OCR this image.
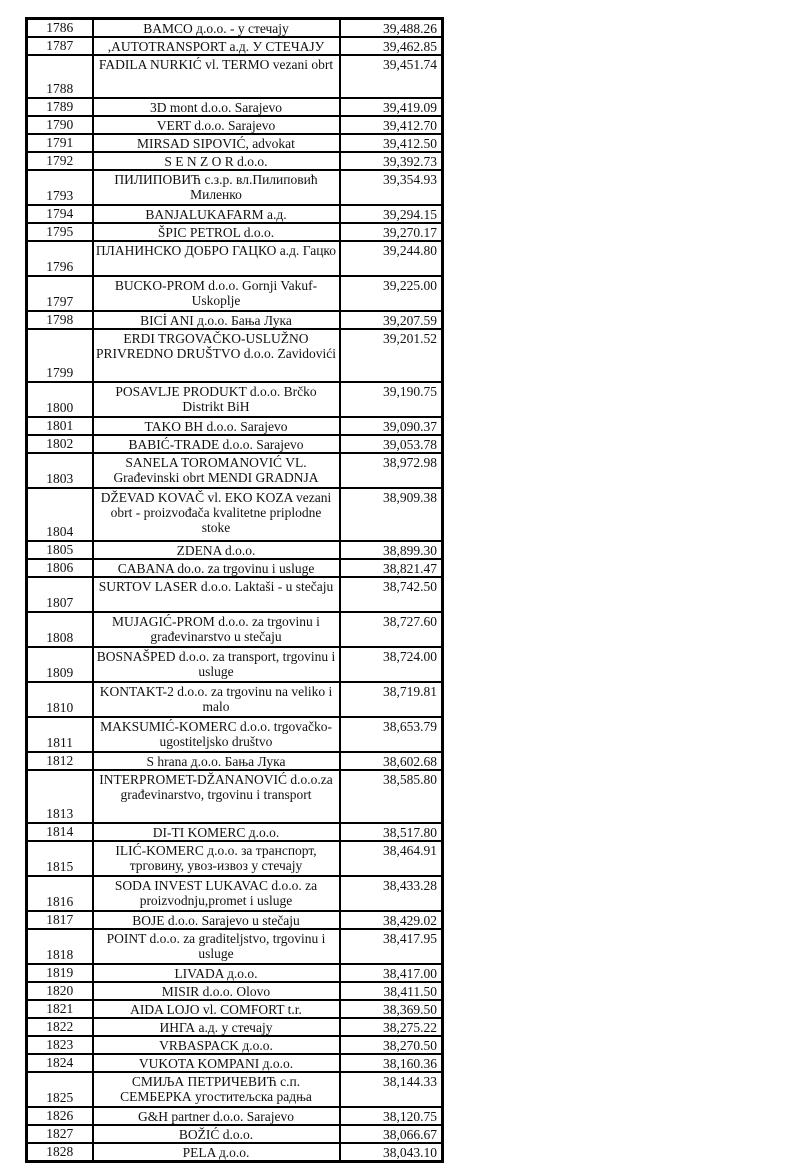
1786	BAMCO д.о.о. - у стечају	39,488.26
1787	,AUTOTRANSPORT а.д. У СТЕЧАЈУ	39,462.85
1788	FADILA NURKIĆ vl. TERMO vezani obrt	39,451.74
1789	3D mont d.o.o. Sarajevo	39,419.09
1790	VERT d.o.o. Sarajevo	39,412.70
1791	MIRSAD SIPOVIĆ, advokat	39,412.50
1792	S E N Z O R d.o.o.	39,392.73
1793	ПИЛИПОВИЋ с.з.р. вл.Пилиповић Миленко	39,354.93
1794	BANJALUKAFARM а.д.	39,294.15
1795	ŠPIC PETROL d.o.o.	39,270.17
1796	ПЛАНИНСКО ДОБРО ГАЦКО а.д. Гацко	39,244.80
1797	BUCKO-PROM d.o.o. Gornji Vakuf-Uskoplje	39,225.00
1798	BICİ ANI д.о.о. Бања Лука	39,207.59
1799	ERDI TRGOVAČKO-USLUŽNO PRIVREDNO DRUŠTVO d.o.o. Zavidovići	39,201.52
1800	POSAVLJE PRODUKT d.o.o. Brčko Distrikt BiH	39,190.75
1801	TAKO BH d.o.o. Sarajevo	39,090.37
1802	BABIĆ-TRADE d.o.o. Sarajevo	39,053.78
1803	SANELA TOROMANOVIĆ VL. Građevinski obrt MENDI GRADNJA	38,972.98
1804	DŽEVAD KOVAČ vl. EKO KOZA vezani obrt - proizvođača kvalitetne priplodne stoke	38,909.38
1805	ZDENA d.o.o.	38,899.30
1806	CABANA do.o. za trgovinu i usluge	38,821.47
1807	SURTOV LASER d.o.o. Laktaši - u stečaju	38,742.50
1808	MUJAGIĆ-PROM d.o.o. za trgovinu i građevinarstvo u stečaju	38,727.60
1809	BOSNAŠPED d.o.o. za transport, trgovinu i usluge	38,724.00
1810	KONTAKT-2 d.o.o. za trgovinu na veliko i malo	38,719.81
1811	MAKSUMIĆ-KOMERC d.o.o. trgovačko-ugostiteljsko društvo	38,653.79
1812	S hrana д.о.о. Бања Лука	38,602.68
1813	INTERPROMET-DŽANANOVIĆ d.o.o.za građevinarstvo, trgovinu i transport	38,585.80
1814	DI-TI KOMERC д.о.о.	38,517.80
1815	ILIĆ-KOMERC д.о.о. за транспорт, трговину, увоз-извоз у стечају	38,464.91
1816	SODA INVEST LUKAVAC d.o.o. za proizvodnju,promet i usluge	38,433.28
1817	BOJE d.o.o. Sarajevo u stečaju	38,429.02
1818	POINT d.o.o. za graditeljstvo, trgovinu i usluge	38,417.95
1819	LIVADA д.о.о.	38,417.00
1820	MISIR d.o.o. Olovo	38,411.50
1821	AIDA LOJO vl. COMFORT t.r.	38,369.50
1822	ИНГА а.д. у стечају	38,275.22
1823	VRBASPACK д.о.о.	38,270.50
1824	VUKOTA KOMPANI д.о.о.	38,160.36
1825	СМИЉА ПЕТРИЧЕВИЋ с.п. СЕМБЕРКА угоститељска радња	38,144.33
1826	G&H partner d.o.o. Sarajevo	38,120.75
1827	BOŽIĆ d.o.o.	38,066.67
1828	PELA д.о.о.	38,043.10
